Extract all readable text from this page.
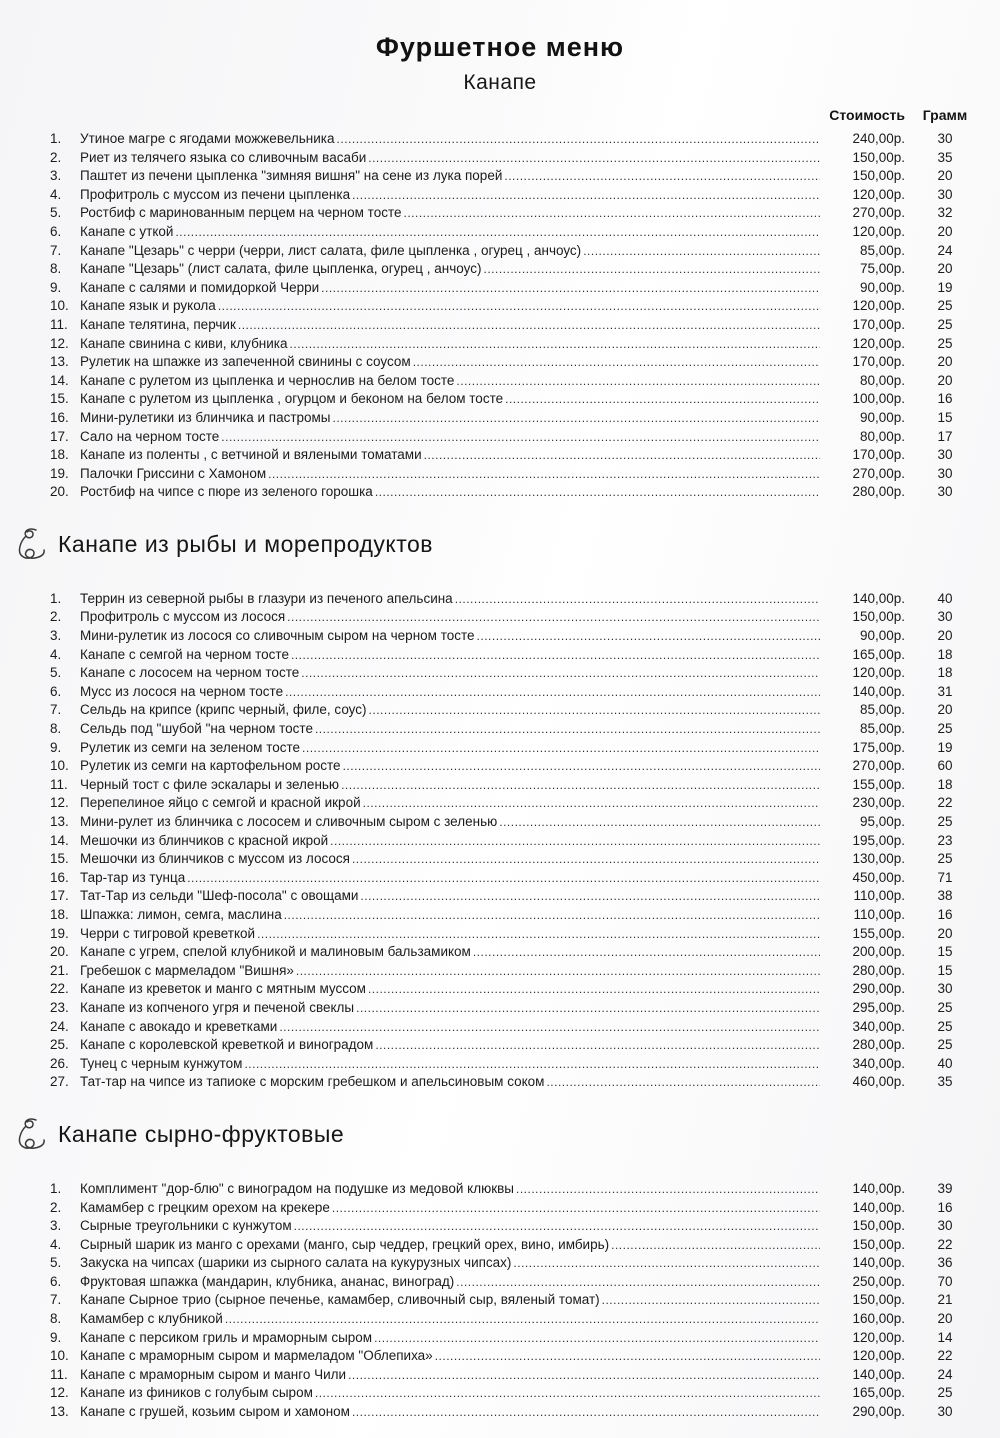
Фуршетное меню
Канапе
Стоимость	Грамм
1.	Утиное магре с ягодами можжевельника .....	240,00р.	30
2.	Риет из телячего языка со сливочным васаби .....	150,00р.	35
3.	Паштет из печени цыпленка "зимняя вишня" на сене из лука порей .....	150,00р.	20
4.	Профитроль с муссом из печени цыпленка .....	120,00р.	30
5.	Ростбиф с маринованным перцем на черном тосте .....	270,00р.	32
6.	Канапе с уткой .....	120,00р.	20
7.	Канапе "Цезарь" с черри (черри, лист салата, филе цыпленка , огурец , анчоус) .....	85,00р.	24
8.	Канапе "Цезарь" (лист салата, филе цыпленка, огурец , анчоус) .....	75,00р.	20
9.	Канапе с салями и помидоркой Черри .....	90,00р.	19
10. Канапе язык и рукола .....	120,00р.	25
11. Канапе телятина, перчик .....	170,00р.	25
12. Канапе свинина с киви, клубника .....	120,00р.	25
13. Рулетик на шпажке из запеченной свинины с соусом .....	170,00р.	20
14. Канапе с рулетом из цыпленка и чернослив на белом тосте .....	80,00р.	20
15. Канапе с рулетом из цыпленка , огурцом и беконом на белом тосте .....	100,00р.	16
16. Мини-рулетики из блинчика и пастромы .....	90,00р.	15
17. Сало на черном тосте .....	80,00р.	17
18. Канапе из поленты , с ветчиной и вялеными томатами .....	170,00р.	30
19. Палочки Гриссини с Хамоном .....	270,00р.	30
20. Ростбиф на чипсе с пюре из зеленого горошка .....	280,00р.	30
Канапе из рыбы и морепродуктов
1.	Террин из северной рыбы в глазури из печеного апельсина .....	140,00р.	40
2.	Профитроль с муссом из лосося .....	150,00р.	30
3.	Мини-рулетик из лосося со сливочным сыром на черном тосте .....	90,00р.	20
4.	Канапе с семгой на черном тосте .....	165,00р.	18
5.	Канапе с лососем на черном тосте .....	120,00р.	18
6.	Мусс из лосося на черном тосте .....	140,00р.	31
7.	Сельдь на крипсе (крипс черный, филе, соус) .....	85,00р.	20
8.	Сельдь под "шубой "на черном тосте .....	85,00р.	25
9.	Рулетик из семги на зеленом тосте .....	175,00р.	19
10. Рулетик из семги на картофельном росте .....	270,00р.	60
11. Черный тост с филе эскалары и зеленью .....	155,00р.	18
12. Перепелиное яйцо с семгой и красной икрой .....	230,00р.	22
13. Мини-рулет из блинчика с лососем и сливочным сыром с зеленью .....	95,00р.	25
14. Мешочки из блинчиков с красной икрой .....	195,00р.	23
15. Мешочки из блинчиков с муссом из лосося .....	130,00р.	25
16. Тар-тар из тунца .....	450,00р.	71
17. Тат-Тар из сельди "Шеф-посола" с овощами .....	110,00р.	38
18. Шпажка: лимон, семга, маслина .....	110,00р.	16
19. Черри с тигровой креветкой .....	155,00р.	20
20. Канапе с угрем, спелой клубникой и малиновым бальзамиком .....	200,00р.	15
21. Гребешок с мармеладом "Вишня» .....	280,00р.	15
22. Канапе из креветок и манго с мятным муссом .....	290,00р.	30
23. Канапе из копченого угря и печеной свеклы .....	295,00р.	25
24. Канапе с авокадо и креветками .....	340,00р.	25
25. Канапе с королевской креветкой и виноградом .....	280,00р.	25
26. Тунец с черным кунжутом .....	340,00р.	40
27. Тат-тар на чипсе из тапиоке с морским гребешком и апельсиновым соком .....	460,00р.	35
Канапе сырно-фруктовые
1.	Комплимент "дор-блю" с виноградом на подушке из медовой клюквы .....	140,00р.	39
2.	Камамбер с грецким орехом на крекере .....	140,00р.	16
3.	Сырные треугольники с кунжутом .....	150,00р.	30
4.	Сырный шарик из манго с орехами (манго, сыр чеддер, грецкий орех, вино, имбирь) .....	150,00р.	22
5.	Закуска на чипсах (шарики из сырного салата на кукурузных чипсах) .....	140,00р.	36
6.	Фруктовая шпажка (мандарин, клубника, ананас, виноград) .....	250,00р.	70
7.	Канапе Сырное трио (сырное печенье, камамбер, сливочный сыр, вяленый томат) .....	150,00р.	21
8.	Камамбер с клубникой .....	160,00р.	20
9.	Канапе с персиком гриль и мраморным сыром .....	120,00р.	14
10. Канапе с мраморным сыром и мармеладом "Облепиха» .....	120,00р.	22
11. Канапе с мраморным сыром и манго Чили .....	140,00р.	24
12. Канапе из фиников с голубым сыром .....	165,00р.	25
13. Канапе с грушей, козьим сыром и хамоном .....	290,00р.	30
